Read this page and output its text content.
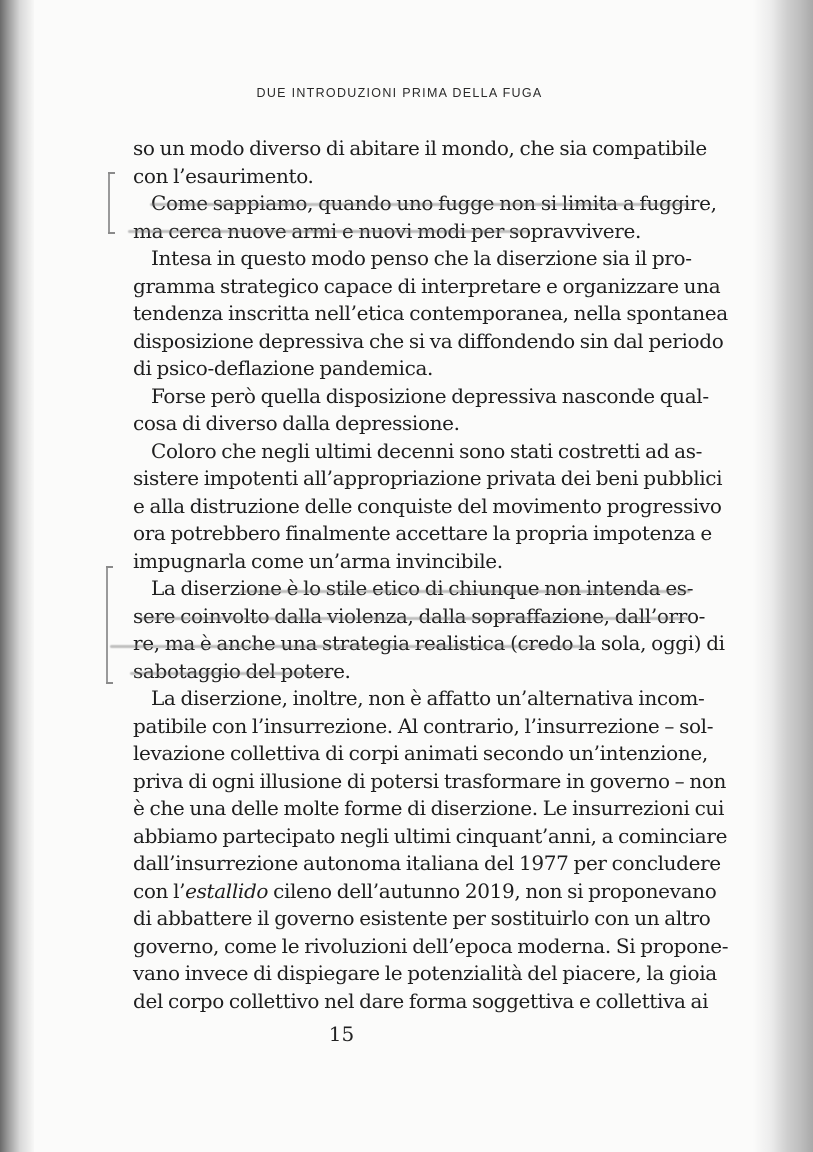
DUE INTRODUZIONI PRIMA DELLA FUGA
so un modo diverso di abitare il mondo, che sia compatibile
con l’esaurimento.
Come sappiamo, quando uno fugge non si limita a fuggire,
ma cerca nuove armi e nuovi modi per sopravvivere.
Intesa in questo modo penso che la diserzione sia il pro-
gramma strategico capace di interpretare e organizzare una
tendenza inscritta nell’etica contemporanea, nella spontanea
disposizione depressiva che si va diffondendo sin dal periodo
di psico-deflazione pandemica.
Forse però quella disposizione depressiva nasconde qual-
cosa di diverso dalla depressione.
Coloro che negli ultimi decenni sono stati costretti ad as-
sistere impotenti all’appropriazione privata dei beni pubblici
e alla distruzione delle conquiste del movimento progressivo
ora potrebbero finalmente accettare la propria impotenza e
impugnarla come un’arma invincibile.
La diserzione è lo stile etico di chiunque non intenda es-
sere coinvolto dalla violenza, dalla sopraffazione, dall’orro-
re, ma è anche una strategia realistica (credo la sola, oggi) di
sabotaggio del potere.
La diserzione, inoltre, non è affatto un’alternativa incom-
patibile con l’insurrezione. Al contrario, l’insurrezione – sol-
levazione collettiva di corpi animati secondo un’intenzione,
priva di ogni illusione di potersi trasformare in governo – non
è che una delle molte forme di diserzione. Le insurrezioni cui
abbiamo partecipato negli ultimi cinquant’anni, a cominciare
dall’insurrezione autonoma italiana del 1977 per concludere
con l’estallido cileno dell’autunno 2019, non si proponevano
di abbattere il governo esistente per sostituirlo con un altro
governo, come le rivoluzioni dell’epoca moderna. Si propone-
vano invece di dispiegare le potenzialità del piacere, la gioia
del corpo collettivo nel dare forma soggettiva e collettiva ai
15
